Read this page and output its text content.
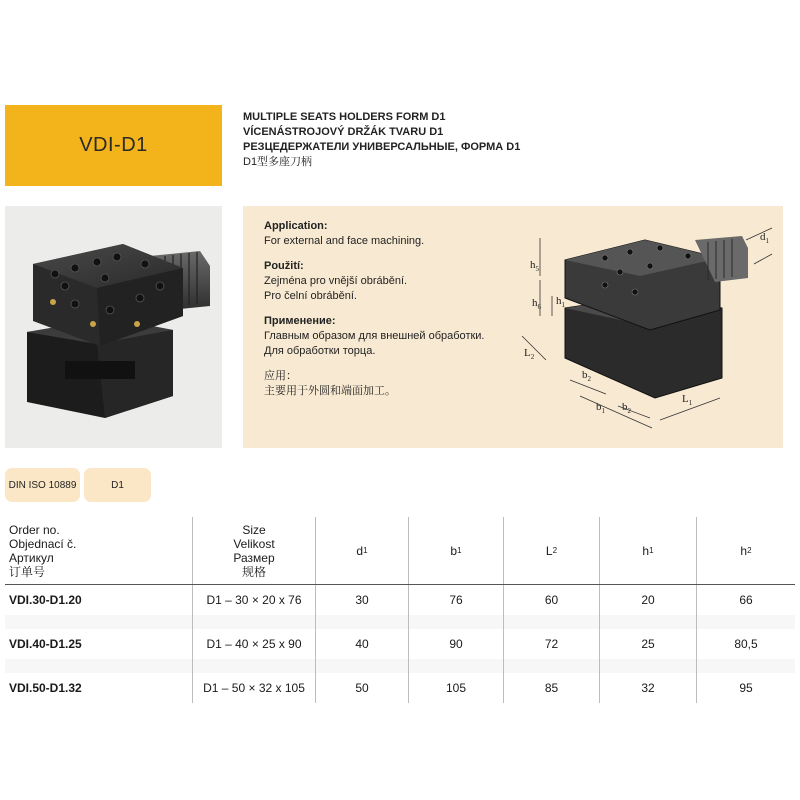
VDI-D1
MULTIPLE SEATS HOLDERS FORM D1
VÍCENÁSTROJOVÝ DRŽÁK TVARU D1
РЕЗЦЕДЕРЖАТЕЛИ УНИВЕРСАЛЬНЫЕ, ФОРМА D1
D1型多座刀柄
Application:
For external and face machining.
Použití:
Zejména pro vnější obrábění.
Pro čelní obrábění.
Применение:
Главным образом для внешней обработки.
Для обработки торца.
应用：
主要用于外圆和端面加工。
$d_1$
$h_5$
$h_1$
$h_6$
$L_2$
$b_2$
$b_1$ $b_2$
$L_1$
DIN ISO 10889	D1
Order no.
Objednací č.
Артикул
订单号
Size
Velikost
Размер
规格
d 1	b 1	L 2	h 1	h 2
VDI.30-D1.20	D1 – 30 × 20 x 76	30	76	60	20	66
VDI.40-D1.25	D1 – 40 × 25 x 90	40	90	72	25	80,5
VDI.50-D1.32	D1 – 50 × 32 x 105	50	105	85	32	95
